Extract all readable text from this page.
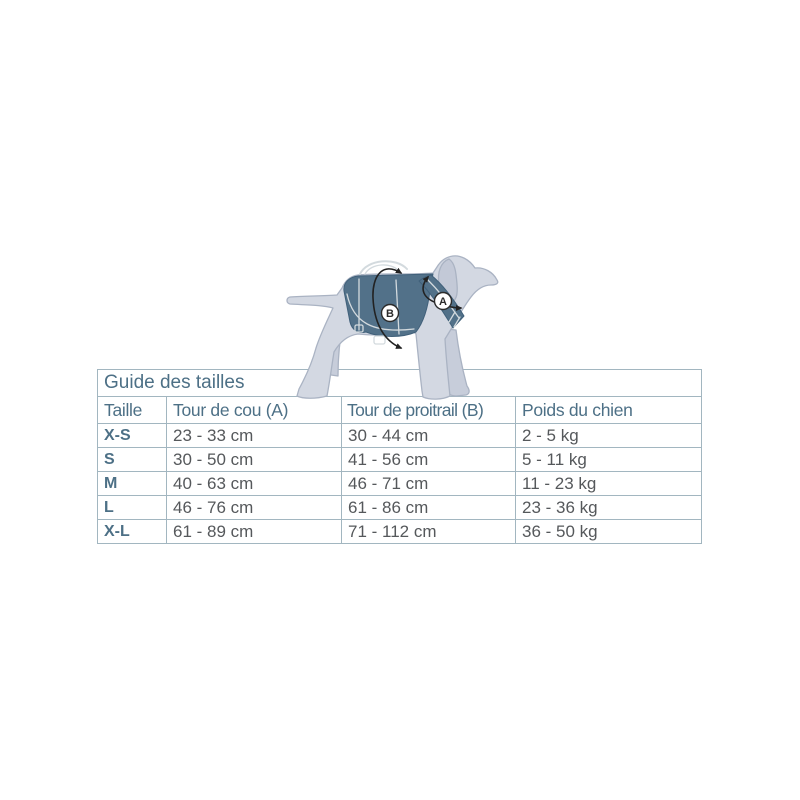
A
B
Guide des tailles			
Taille	Tour de cou (A)	Tour de proitrail (B)	Poids du chien
X-S	23 - 33 cm	30 - 44 cm	2 - 5 kg
S	30 - 50 cm	41 - 56 cm	5 - 11 kg
M	40 - 63 cm	46 - 71 cm	11 - 23 kg
L	46 - 76 cm	61 - 86 cm	23 - 36 kg
X-L	61 - 89 cm	71 - 112 cm	36 - 50 kg
